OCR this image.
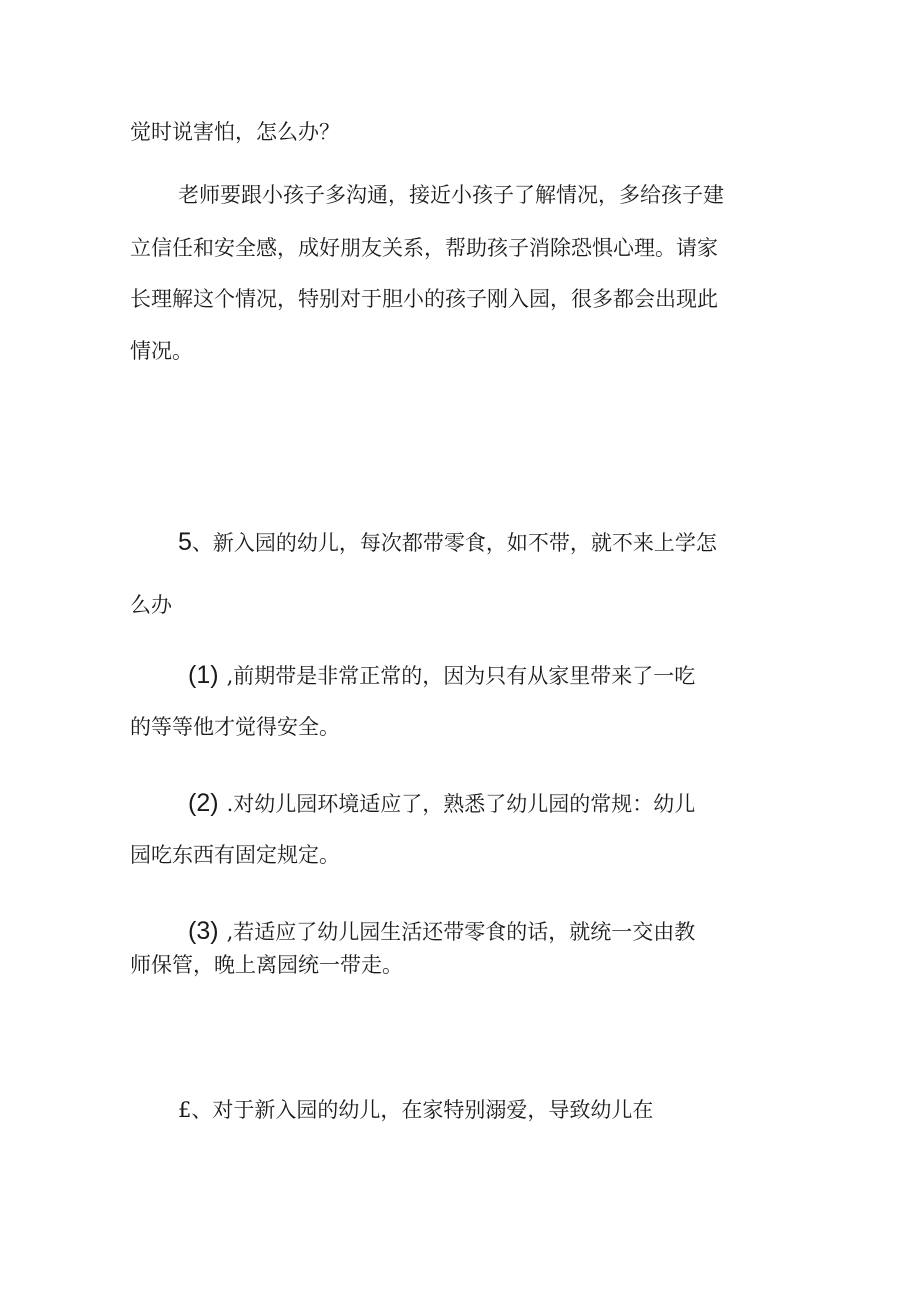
觉时说害怕，怎么办？
老师要跟小孩子多沟通，接近小孩子了解情况，多给孩子建
立信任和安全感，成好朋友关系，帮助孩子消除恐惧心理。请家
长理解这个情况，特别对于胆小的孩子刚入园，很多都会出现此
情况。
5、新入园的幼儿，每次都带零食，如不带，就不来上学怎
么办
(1) ,前期带是非常正常的，因为只有从家里带来了一吃
的等等他才觉得安全。
(2) .对幼儿园环境适应了，熟悉了幼儿园的常规：幼儿
园吃东西有固定规定。
(3) ,若适应了幼儿园生活还带零食的话，就统一交由教
师保管，晚上离园统一带走。
£、对于新入园的幼儿，在家特别溺爱，导致幼儿在
